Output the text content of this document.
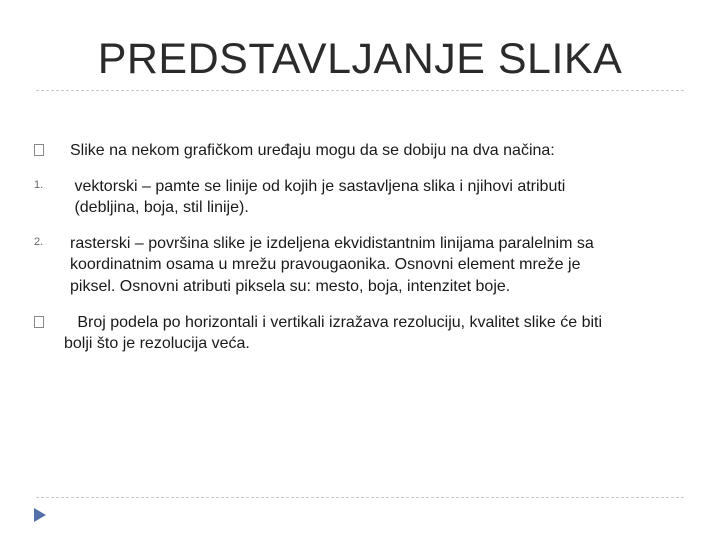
PREDSTAVLJANJE SLIKA
Slike na nekom grafičkom uređaju mogu da se dobiju na dva načina:
1. vektorski – pamte se linije od kojih je sastavljena slika i njihovi atributi
(debljina, boja, stil linije).
2. rasterski – površina slike je izdeljena ekvidistantnim linijama paralelnim sa
koordinatnim osama u mrežu pravougaonika. Osnovni element mreže je
piksel. Osnovni atributi piksela su: mesto, boja, intenzitet boje.
Broj podela po horizontali i vertikali izražava rezoluciju, kvalitet slike će biti
bolji što je rezolucija veća.
